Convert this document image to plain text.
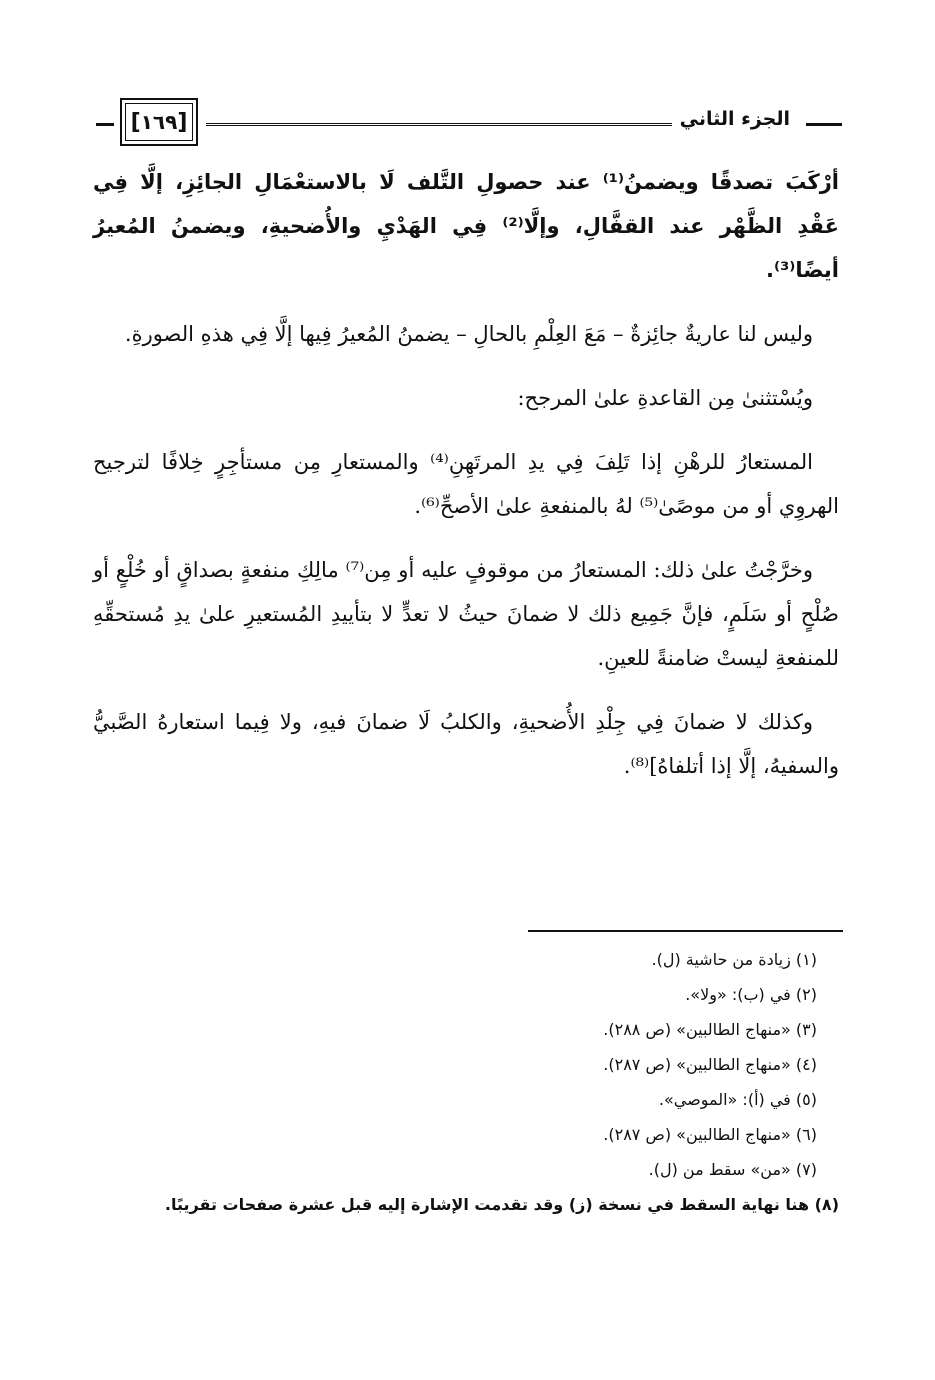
الجزء الثاني
[
١٦٩
]

أرْكَبَ تصدقًا ويضمنُ⁽¹⁾ عند حصولِ التَّلف لَا بالاستعْمَالِ الجائِزِ، إلَّا فِي عَقْدِ الظَّهْر عند القفَّالِ، وإلَّا⁽²⁾ فِي الهَدْيِ والأُضحيةِ، ويضمنُ المُعيرُ أيضًا⁽³⁾.

وليس لنا عاريةٌ جائِزةٌ – مَعَ العِلْمِ بالحالِ – يضمنُ المُعيرُ فِيها إلَّا فِي هذهِ الصورةِ.

ويُسْتثنىٰ مِن القاعدةِ علىٰ المرجح:

المستعارُ للرهْنِ إذا تَلِفَ فِي يدِ المرتَهِنِ⁽⁴⁾ والمستعارِ مِن مستأجِرٍ خِلافًا لترجيح الهروِي أو من موصًىٰ⁽⁵⁾ لهُ بالمنفعةِ علىٰ الأصحِّ⁽⁶⁾.

وخرَّجْتُ علىٰ ذلك: المستعارُ من موقوفٍ عليه أو مِن⁽⁷⁾ مالِكِ منفعةٍ بصداقٍ أو خُلْعٍ أو صُلْحٍ أو سَلَمٍ، فإنَّ جَمِيع ذلك لا ضمانَ حيثُ لا تعدٍّ لا بتأييدِ المُستعيرِ علىٰ يدِ مُستحقِّهِ للمنفعةِ ليستْ ضامنةً للعينِ.

وكذلك لا ضمانَ فِي جِلْدِ الأُضحيةِ، والكلبُ لَا ضمانَ فيهِ، ولا فِيما استعارهُ الصَّبيُّ والسفيهُ، إلَّا إذا أتلفاهُ]⁽⁸⁾.

(١) زيادة من حاشية (ل).

(٢) في (ب): «ولا».

(٣) «منهاج الطالبين» (ص ٢٨٨).

(٤) «منهاج الطالبين» (ص ٢٨٧).

(٥) في (أ): «الموصي».

(٦) «منهاج الطالبين» (ص ٢٨٧).

(٧) «من» سقط من (ل).

(٨) هنا نهاية السقط في نسخة (ز) وقد تقدمت الإشارة إليه قبل عشرة صفحات تقريبًا.
